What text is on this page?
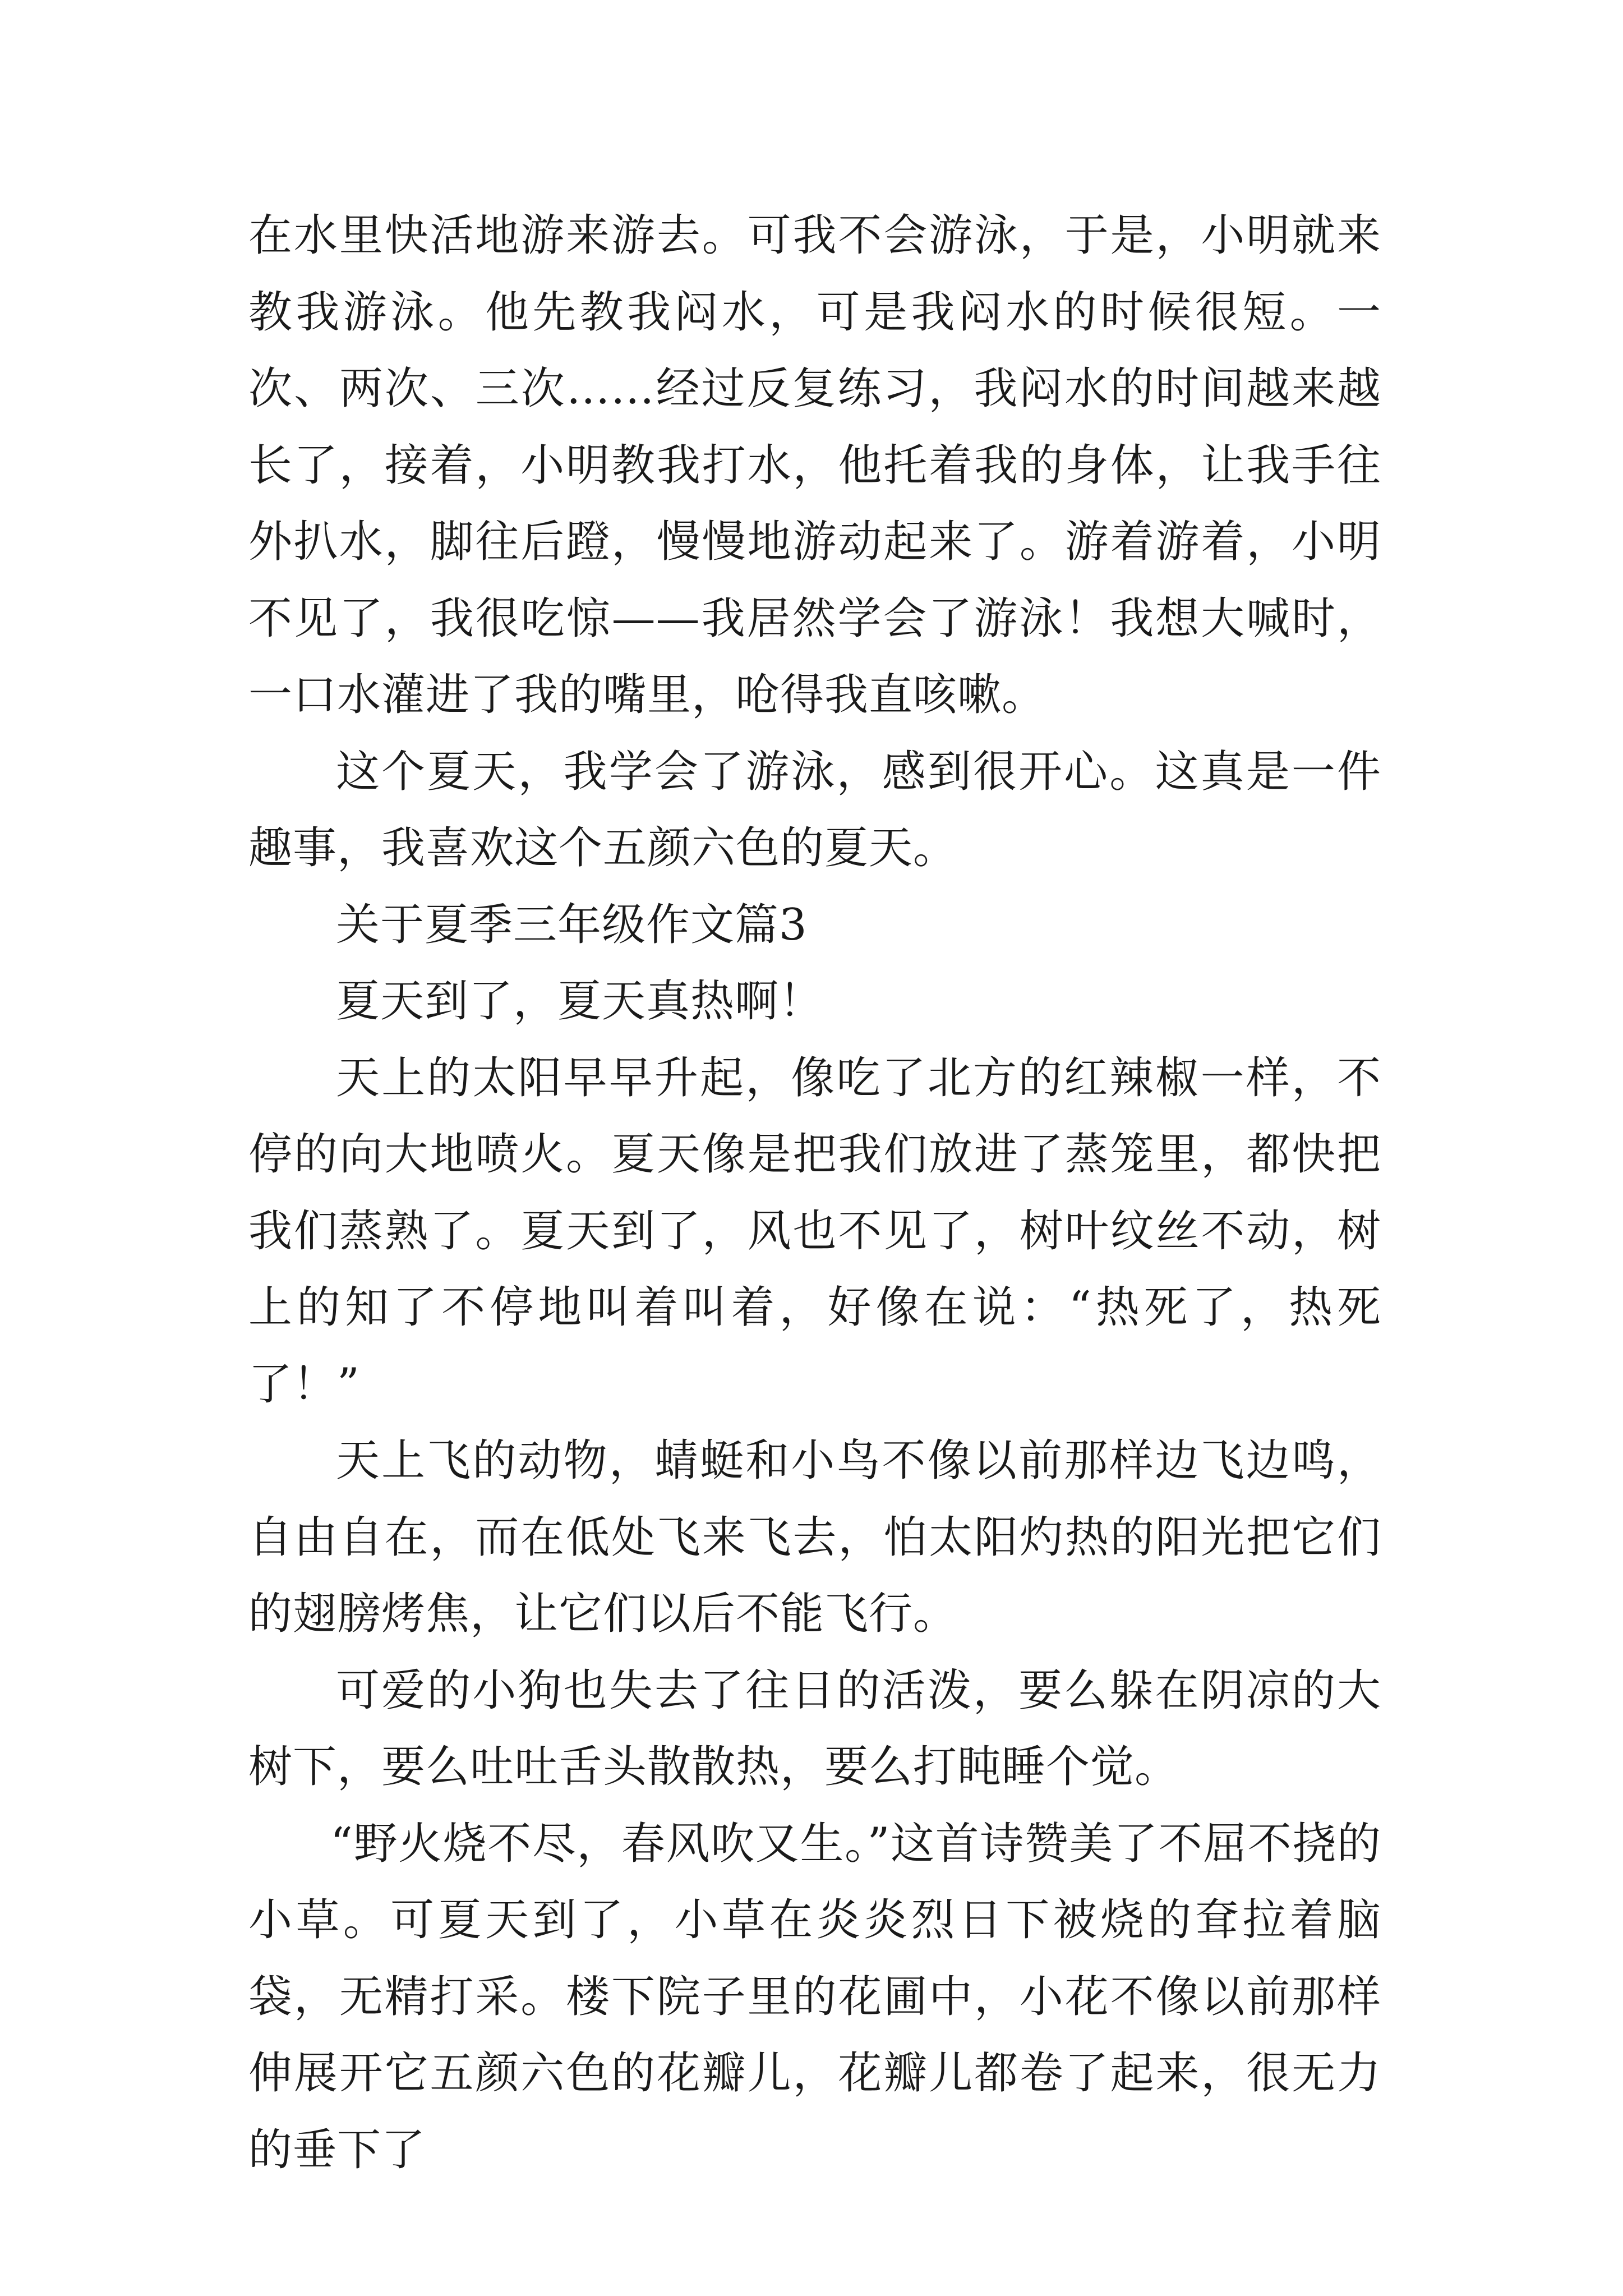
在水里快活地游来游去。可我不会游泳，于是，小明就来教我游泳。他先教我闷水，可是我闷水的时候很短。一次、两次、三次……经过反复练习，我闷水的时间越来越长了，接着，小明教我打水，他托着我的身体，让我手往外扒水，脚往后蹬，慢慢地游动起来了。游着游着，小明不见了，我很吃惊——我居然学会了游泳！我想大喊时，一口水灌进了我的嘴里，呛得我直咳嗽。

这个夏天，我学会了游泳，感到很开心。这真是一件趣事，我喜欢这个五颜六色的夏天。

关于夏季三年级作文篇3

夏天到了，夏天真热啊！

天上的太阳早早升起，像吃了北方的红辣椒一样，不停的向大地喷火。夏天像是把我们放进了蒸笼里，都快把我们蒸熟了。夏天到了，风也不见了，树叶纹丝不动，树上的知了不停地叫着叫着，好像在说：“热死了，热死了！”

天上飞的动物，蜻蜓和小鸟不像以前那样边飞边鸣，自由自在，而在低处飞来飞去，怕太阳灼热的阳光把它们的翅膀烤焦，让它们以后不能飞行。

可爱的小狗也失去了往日的活泼，要么躲在阴凉的大树下，要么吐吐舌头散散热，要么打盹睡个觉。

“野火烧不尽，春风吹又生。”这首诗赞美了不屈不挠的小草。可夏天到了，小草在炎炎烈日下被烧的耷拉着脑袋，无精打采。楼下院子里的花圃中，小花不像以前那样伸展开它五颜六色的花瓣儿，花瓣儿都卷了起来，很无力的垂下了
